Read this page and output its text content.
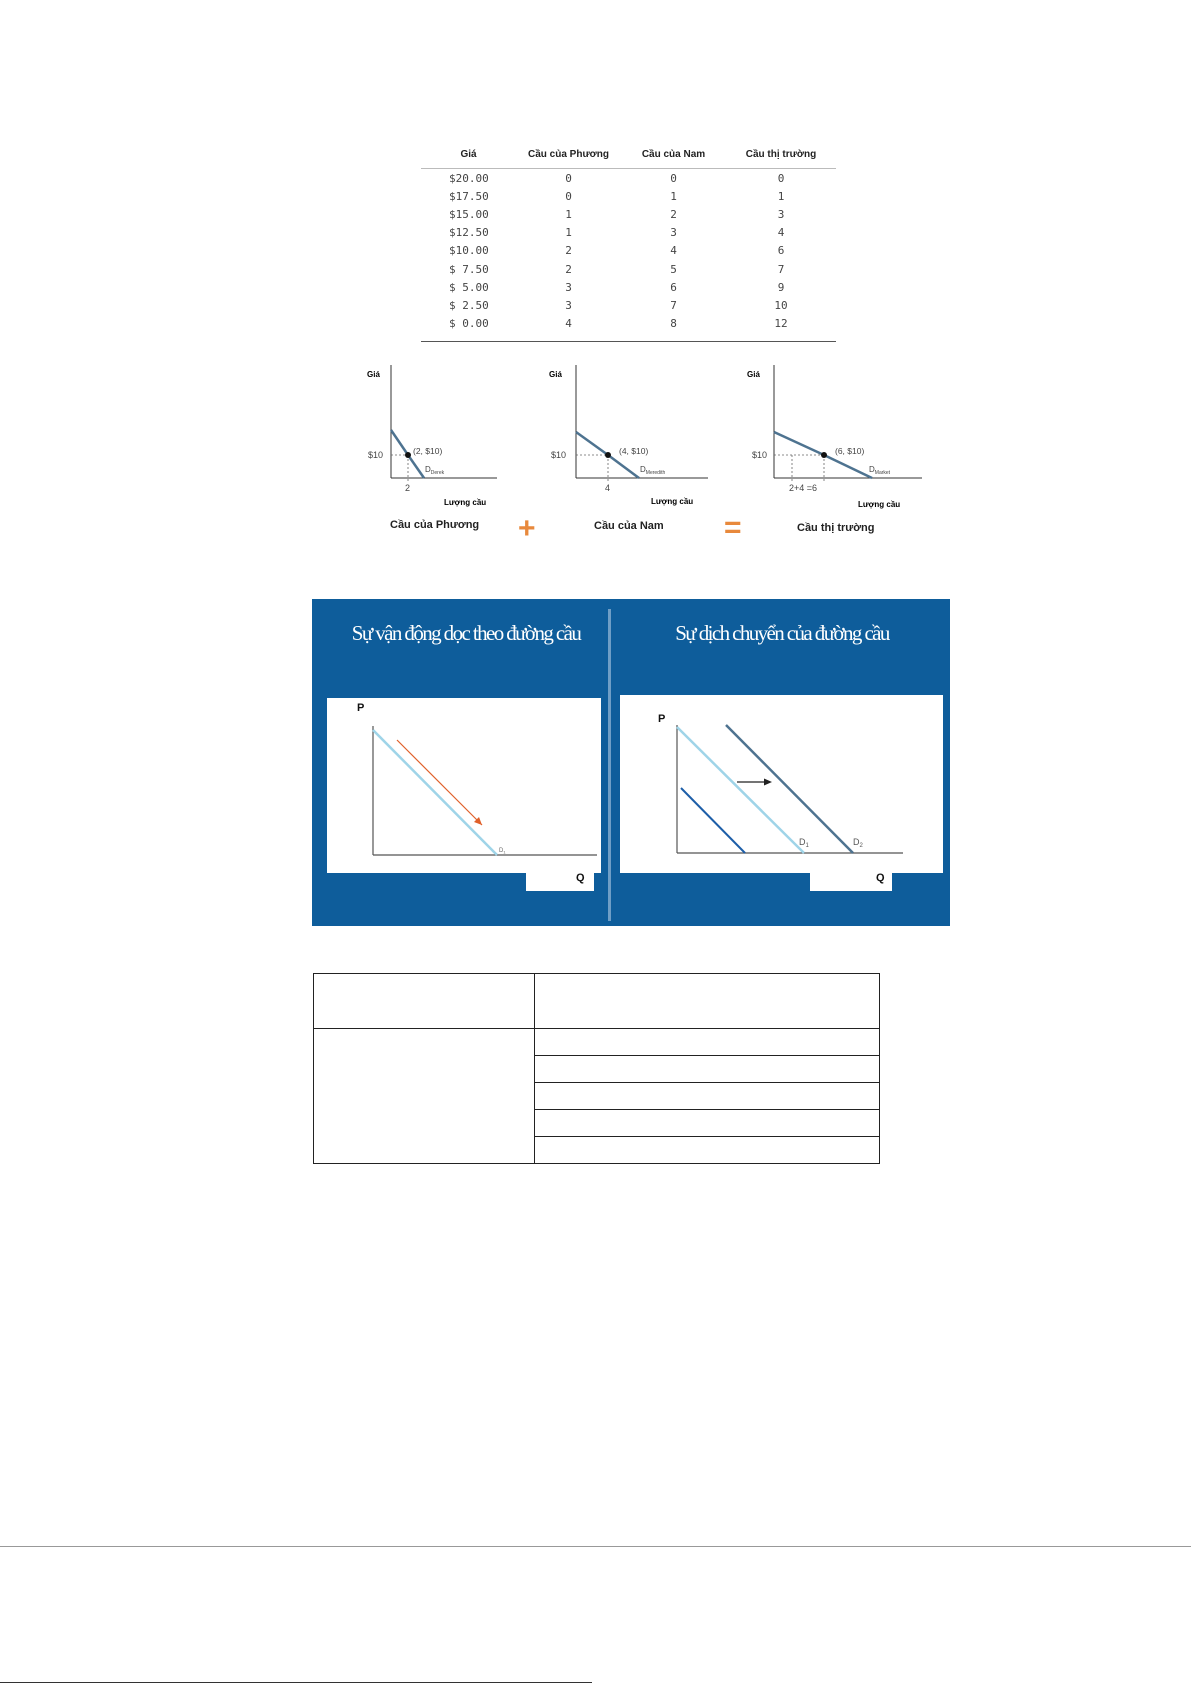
Giá	Cầu của Phương	Cầu của Nam	Cầu thị trường
$20.00	0	0	0
$17.50	0	1	1
$15.00	1	2	3
$12.50	1	3	4
$10.00	2	4	6
$ 7.50	2	5	7
$ 5.00	3	6	9
$ 2.50	3	7	10
$ 0.00	4	8	12
Giá
$10	(2, $10)
$D_{Derek}$
2
Lượng cầu
Giá
$10	(4, $10)
$D_{Meredith}$
4
Lượng cầu
Giá
$10	(6, $10)
$D_{Market}$
2+4 =6
Lượng cầu
Cầu của Phương +	Cầu của Nam =	Cầu thị trường
Sự vận động dọc theo đường cầu	Sự dịch chuyển của đường cầu
$D_1$
P
Q
$D_1$	$D_2$
P
Q
